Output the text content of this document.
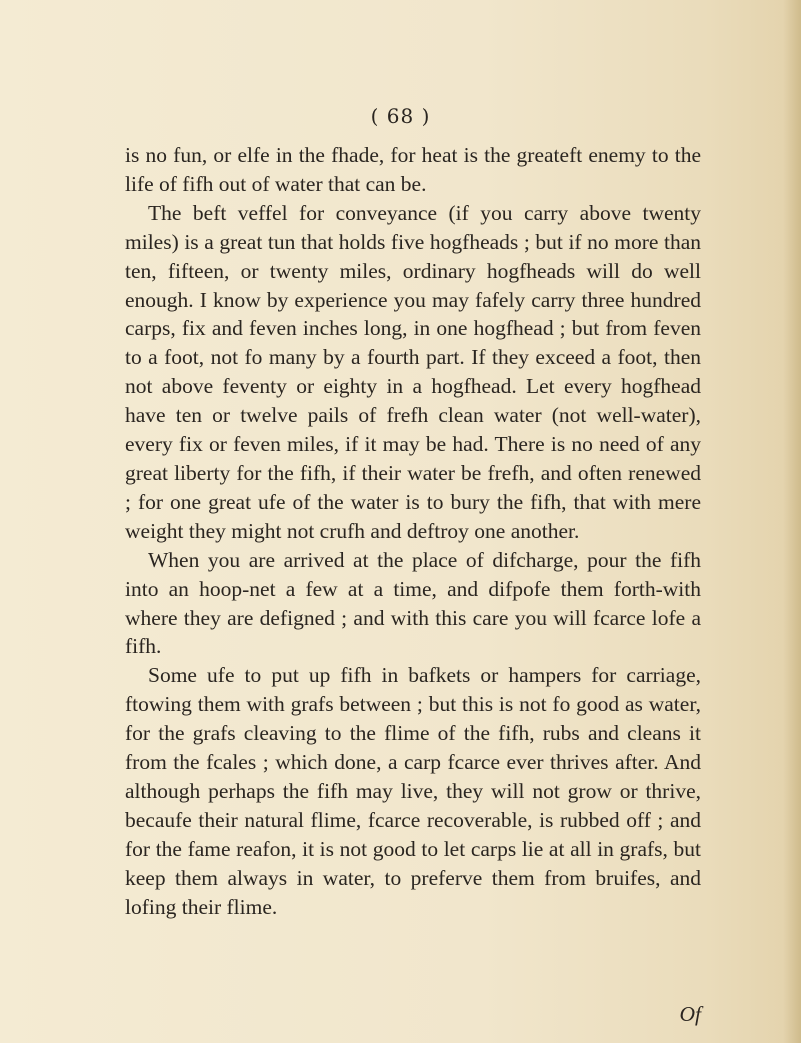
( 68 )

is no fun, or elfe in the fhade, for heat is the greateft enemy to the life of fifh out of water that can be.

The beft veffel for conveyance (if you carry above twenty miles) is a great tun that holds five hogfheads ; but if no more than ten, fifteen, or twenty miles, ordinary hogfheads will do well enough. I know by experience you may fafely carry three hundred carps, fix and feven inches long, in one hogfhead ; but from feven to a foot, not fo many by a fourth part. If they exceed a foot, then not above feventy or eighty in a hogfhead. Let every hogfhead have ten or twelve pails of frefh clean water (not well-water), every fix or feven miles, if it may be had. There is no need of any great liberty for the fifh, if their water be frefh, and often renewed ; for one great ufe of the water is to bury the fifh, that with mere weight they might not crufh and deftroy one another.

When you are arrived at the place of difcharge, pour the fifh into an hoop-net a few at a time, and difpofe them forth-with where they are defigned ; and with this care you will fcarce lofe a fifh.

Some ufe to put up fifh in bafkets or hampers for carriage, ftowing them with grafs between ; but this is not fo good as water, for the grafs cleaving to the flime of the fifh, rubs and cleans it from the fcales ; which done, a carp fcarce ever thrives after. And although perhaps the fifh may live, they will not grow or thrive, becaufe their natural flime, fcarce recoverable, is rubbed off ; and for the fame reafon, it is not good to let carps lie at all in grafs, but keep them always in water, to preferve them from bruifes, and lofing their flime.

Of
